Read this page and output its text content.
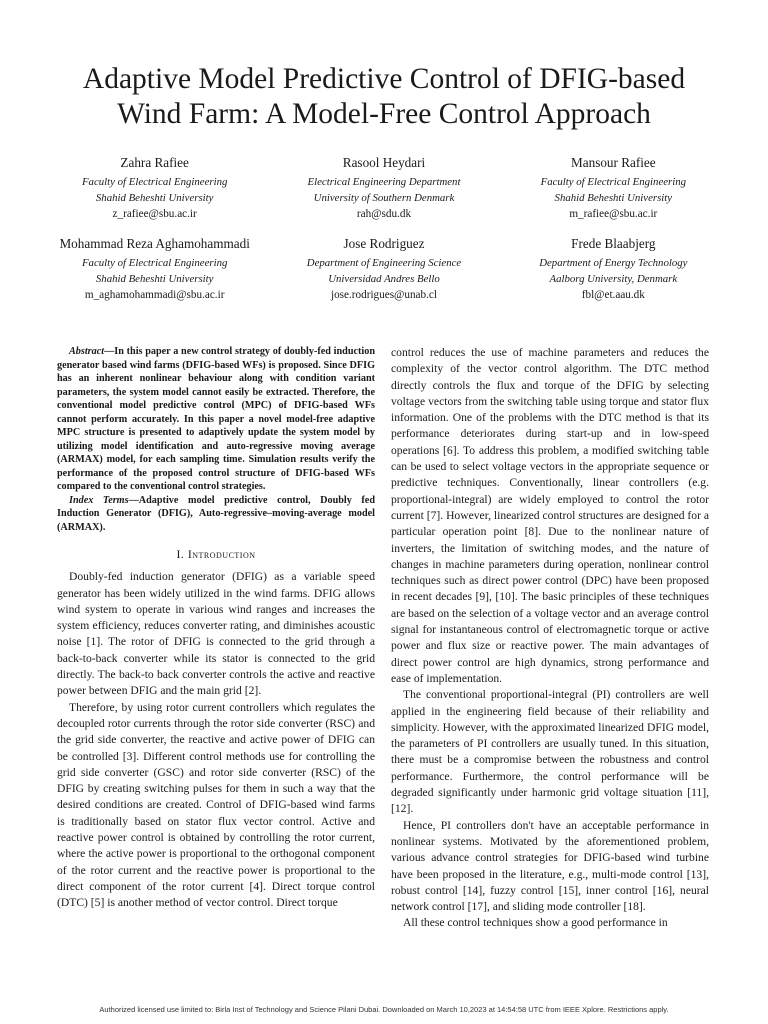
Adaptive Model Predictive Control of DFIG-based
Wind Farm: A Model-Free Control Approach
Zahra Rafiee
Faculty of Electrical Engineering
Shahid Beheshti University
z_rafiee@sbu.ac.ir
Rasool Heydari
Electrical Engineering Department
University of Southern Denmark
rah@sdu.dk
Mansour Rafiee
Faculty of Electrical Engineering
Shahid Beheshti University
m_rafiee@sbu.ac.ir
Mohammad Reza Aghamohammadi
Faculty of Electrical Engineering
Shahid Beheshti University
m_aghamohammadi@sbu.ac.ir
Jose Rodriguez
Department of Engineering Science
Universidad Andres Bello
jose.rodrigues@unab.cl
Frede Blaabjerg
Department of Energy Technology
Aalborg University, Denmark
fbl@et.aau.dk

Abstract—In this paper a new control strategy of doubly-fed induction generator based wind farms (DFIG-based WFs) is proposed. Since DFIG has an inherent nonlinear behaviour along with condition variant parameters, the system model cannot easily be extracted. Therefore, the conventional model predictive control (MPC) of DFIG-based WFs cannot perform accurately. In this paper a novel model-free adaptive MPC structure is presented to adaptively update the system model by utilizing model identification and auto-regressive moving average (ARMAX) model, for each sampling time. Simulation results verify the performance of the proposed control structure of DFIG-based WFs compared to the conventional control strategies.

Index Terms—Adaptive model predictive control, Doubly fed Induction Generator (DFIG), Auto-regressive–moving-average model (ARMAX).

I. Introduction

Doubly-fed induction generator (DFIG) as a variable speed generator has been widely utilized in the wind farms. DFIG allows wind system to operate in various wind ranges and increases the system efficiency, reduces converter rating, and diminishes acoustic noise [1]. The rotor of DFIG is connected to the grid through a back-to-back converter while its stator is connected to the grid directly. The back-to back converter controls the active and reactive power between DFIG and the main grid [2].

Therefore, by using rotor current controllers which regulates the decoupled rotor currents through the rotor side converter (RSC) and the grid side converter, the reactive and active power of DFIG can be controlled [3]. Different control methods use for controlling the grid side converter (GSC) and rotor side converter (RSC) of the DFIG by creating switching pulses for them in such a way that the desired conditions are created. Control of DFIG-based wind farms is traditionally based on stator flux vector control. Active and reactive power control is obtained by controlling the rotor current, where the active power is proportional to the orthogonal component of the rotor current and the reactive power is proportional to the direct component of the rotor current [4]. Direct torque control (DTC) [5] is another method of vector control. Direct torque

control reduces the use of machine parameters and reduces the complexity of the vector control algorithm. The DTC method directly controls the flux and torque of the DFIG by selecting voltage vectors from the switching table using torque and stator flux information. One of the problems with the DTC method is that its performance deteriorates during start-up and in low-speed operations [6]. To address this problem, a modified switching table can be used to select voltage vectors in the appropriate sequence or predictive techniques. Conventionally, linear controllers (e.g. proportional-integral) are widely employed to control the rotor current [7]. However, linearized control structures are designed for a particular operation point [8]. Due to the nonlinear nature of inverters, the limitation of switching modes, and the nature of changes in machine parameters during operation, nonlinear control techniques such as direct power control (DPC) have been proposed in recent decades [9], [10]. The basic principles of these techniques are based on the selection of a voltage vector and an average control signal for instantaneous control of electromagnetic torque or active power and flux size or reactive power. The main advantages of direct power control are high dynamics, strong performance and ease of implementation.

The conventional proportional-integral (PI) controllers are well applied in the engineering field because of their reliability and simplicity. However, with the approximated linearized DFIG model, the parameters of PI controllers are usually tuned. In this situation, there must be a compromise between the robustness and control performance. Furthermore, the control performance will be degraded significantly under harmonic grid voltage situation [11], [12].

Hence, PI controllers don't have an acceptable performance in nonlinear systems. Motivated by the aforementioned problem, various advance control strategies for DFIG-based wind turbine have been proposed in the literature, e.g., multi-mode control [13], robust control [14], fuzzy control [15], inner control [16], neural network control [17], and sliding mode controller [18].

All these control techniques show a good performance in

Authorized licensed use limited to: Birla Inst of Technology and Science Pilani Dubai. Downloaded on March 10,2023 at 14:54:58 UTC from IEEE Xplore. Restrictions apply.
